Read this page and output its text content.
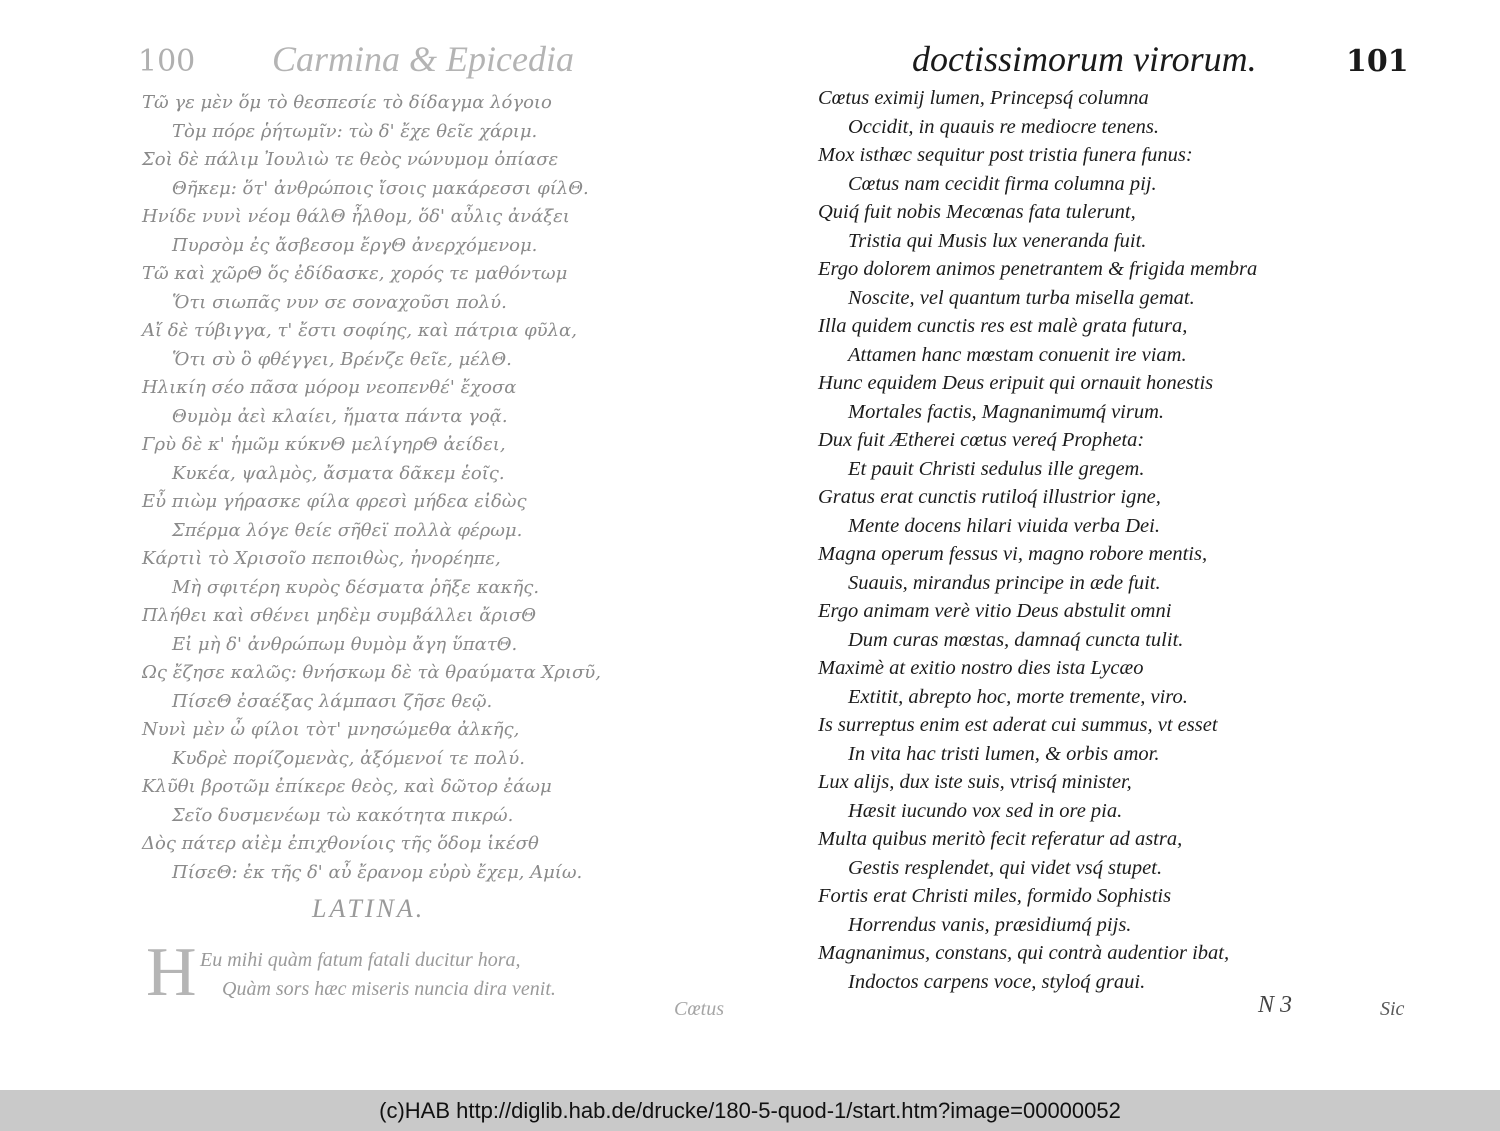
100 Carmina & Epicedia
Τῶ γε μὲν ὅμ τὸ θεσπεσίε τὸ δίδαγμα λόγοιο
Τὸμ πόρε ῥήτωμῖν: τὼ δ' ἔχε θεῖε χάριμ.
Σοὶ δὲ πάλιμ Ἰουλιὼ τε θεὸς νώνυμομ ὀπίασε
Θῆκεμ: ὅτ' ἀνθρώποις ἴσοις μακάρεσσι φίλΘ.
Ηνίδε νυνὶ νέομ θάλΘ ἦλθομ, ὅδ' αὖλις ἀνάξει
Πυρσὸμ ἐς ἄσβεσομ ἔργΘ ἀνερχόμενομ.
Τῶ καὶ χῶρΘ ὅς ἐδίδασκε, χορός τε μαθόντωμ
Ὅτι σιωπᾶς νυν σε σοναχοῦσι πολύ.
Αἴ δὲ τύβιγγα, τ' ἔστι σοφίης, καὶ πάτρια φῦλα,
Ὅτι σὺ ὃ φθέγγει, Βρένζε θεῖε, μέλΘ.
Ηλικίη σέο πᾶσα μόρομ νεοπενθέ' ἔχοσα
Θυμὸμ ἀεὶ κλαίει, ἤματα πάντα γοᾷ.
Γρὺ δὲ κ' ἡμῶμ κύκνΘ μελίγηρΘ ἀείδει,
Κυκέα, ψαλμὸς, ἄσματα δᾶκεμ ἑοῖς.
Εὖ πιὼμ γήρασκε φίλα φρεσὶ μήδεα εἰδὼς
Σπέρμα λόγε θείε σῆθεϊ πολλὰ φέρωμ.
Κάρτιὶ τὸ Χρισοῖο πεποιθὼς, ἠνορέηπε,
Μὴ σφιτέρη κυρὸς δέσματα ῥῆξε κακῆς.
Πλήθει καὶ σθένει μηδὲμ συμβάλλει ἄρισΘ
Εἰ μὴ δ' ἀνθρώπωμ θυμὸμ ἄγη ὕπατΘ.
Ως ἔζησε καλῶς: θνήσκωμ δὲ τὰ θραύματα Χρισῦ,
ΠίσεΘ ἐσαέξας λάμπασι ζῆσε θεῷ.
Νυνὶ μὲν ὦ φίλοι τὸτ' μνησώμεθα ἀλκῆς,
Κυδρὲ πορίζομενὰς, ἀξόμενοί τε πολύ.
Κλῦθι βροτῶμ ἐπίκερε θεὸς, καὶ δῶτορ ἐάωμ
Σεῖο δυσμενέωμ τὼ κακότητα πικρώ.
Δὸς πάτερ αἰὲμ ἐπιχθονίοις τῆς ὅδομ ἱκέσθ
ΠίσεΘ: ἐκ τῆς δ' αὖ ἔρανομ εὐρὺ ἔχεμ, Αμίω.
LATINA.
H Eu mihi quàm fatum fatali ducitur hora,
Quàm sors hæc miseris nuncia dira venit.
Cœtus
doctissimorum virorum.	101
Cœtus eximij lumen, Princepsq́ columna
Occidit, in quauis re mediocre tenens.
Mox isthæc sequitur post tristia funera funus:
Cœtus nam cecidit firma columna pij.
Quiq́ fuit nobis Mecœnas fata tulerunt,
Tristia qui Musis lux veneranda fuit.
Ergo dolorem animos penetrantem & frigida membra
Noscite, vel quantum turba misella gemat.
Illa quidem cunctis res est malè grata futura,
Attamen hanc mœstam conuenit ire viam.
Hunc equidem Deus eripuit qui ornauit honestis
Mortales factis, Magnanimumq́ virum.
Dux fuit Ætherei cœtus vereq́ Propheta:
Et pauit Christi sedulus ille gregem.
Gratus erat cunctis rutiloq́ illustrior igne,
Mente docens hilari viuida verba Dei.
Magna operum fessus vi, magno robore mentis,
Suauis, mirandus principe in æde fuit.
Ergo animam verè vitio Deus abstulit omni
Dum curas mœstas, damnaq́ cuncta tulit.
Maximè at exitio nostro dies ista Lycæo
Extitit, abrepto hoc, morte tremente, viro.
Is surreptus enim est aderat cui summus, vt esset
In vita hac tristi lumen, & orbis amor.
Lux alijs, dux iste suis, vtrisq́ minister,
Hæsit iucundo vox sed in ore pia.
Multa quibus meritò fecit referatur ad astra,
Gestis resplendet, qui videt vsq́ stupet.
Fortis erat Christi miles, formido Sophistis
Horrendus vanis, præsidiumq́ pijs.
Magnanimus, constans, qui contrà audentior ibat,
Indoctos carpens voce, styloq́ graui.
N 3	Sic
(c)HAB http://diglib.hab.de/drucke/180-5-quod-1/start.htm?image=00000052
